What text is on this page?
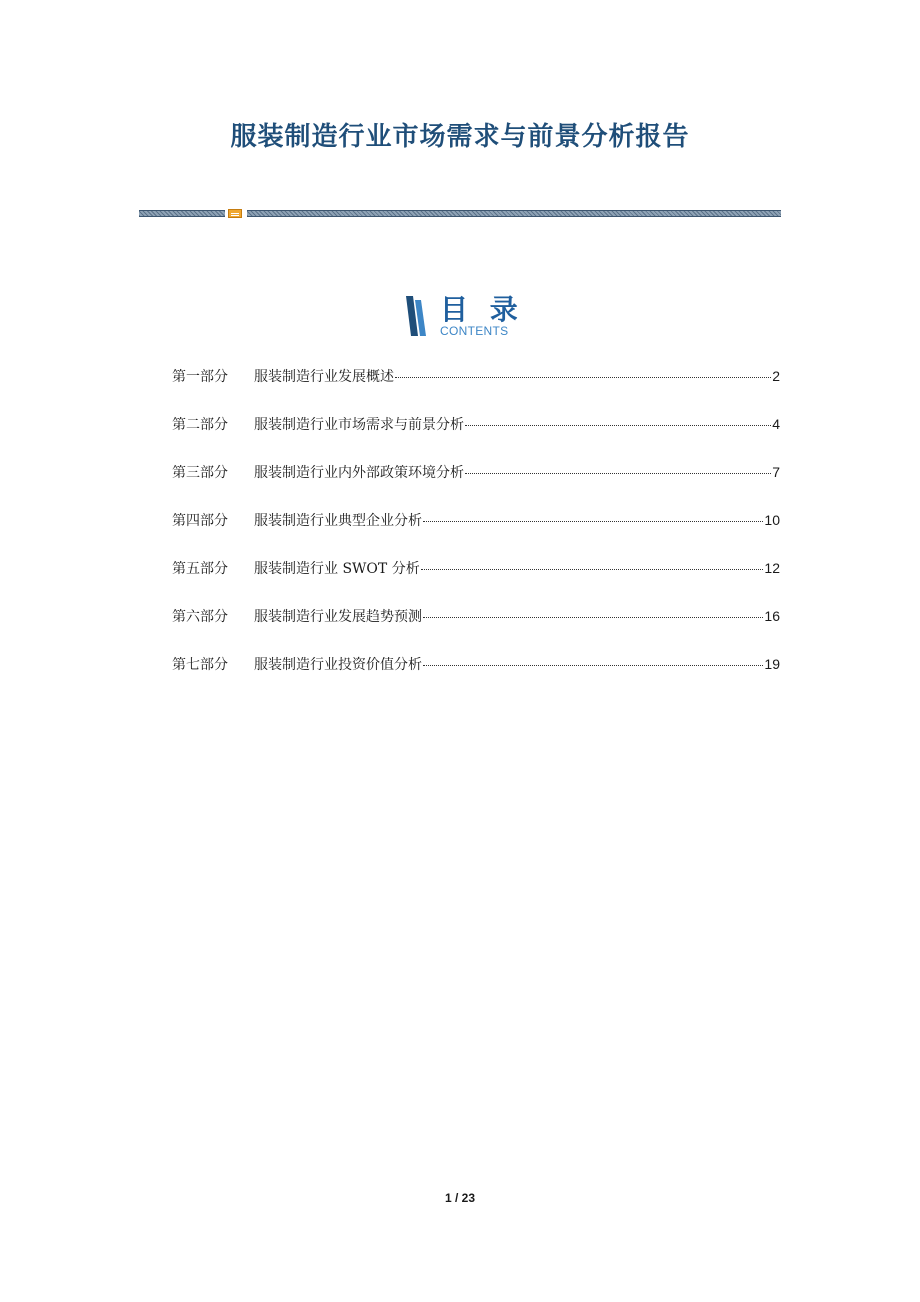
服装制造行业市场需求与前景分析报告
目 录
CONTENTS
第一部分	服装制造行业发展概述	2
第二部分	服装制造行业市场需求与前景分析	4
第三部分	服装制造行业内外部政策环境分析	7
第四部分	服装制造行业典型企业分析	10
第五部分	服装制造行业 SWOT 分析	12
第六部分	服装制造行业发展趋势预测	16
第七部分	服装制造行业投资价值分析	19
1 / 23
